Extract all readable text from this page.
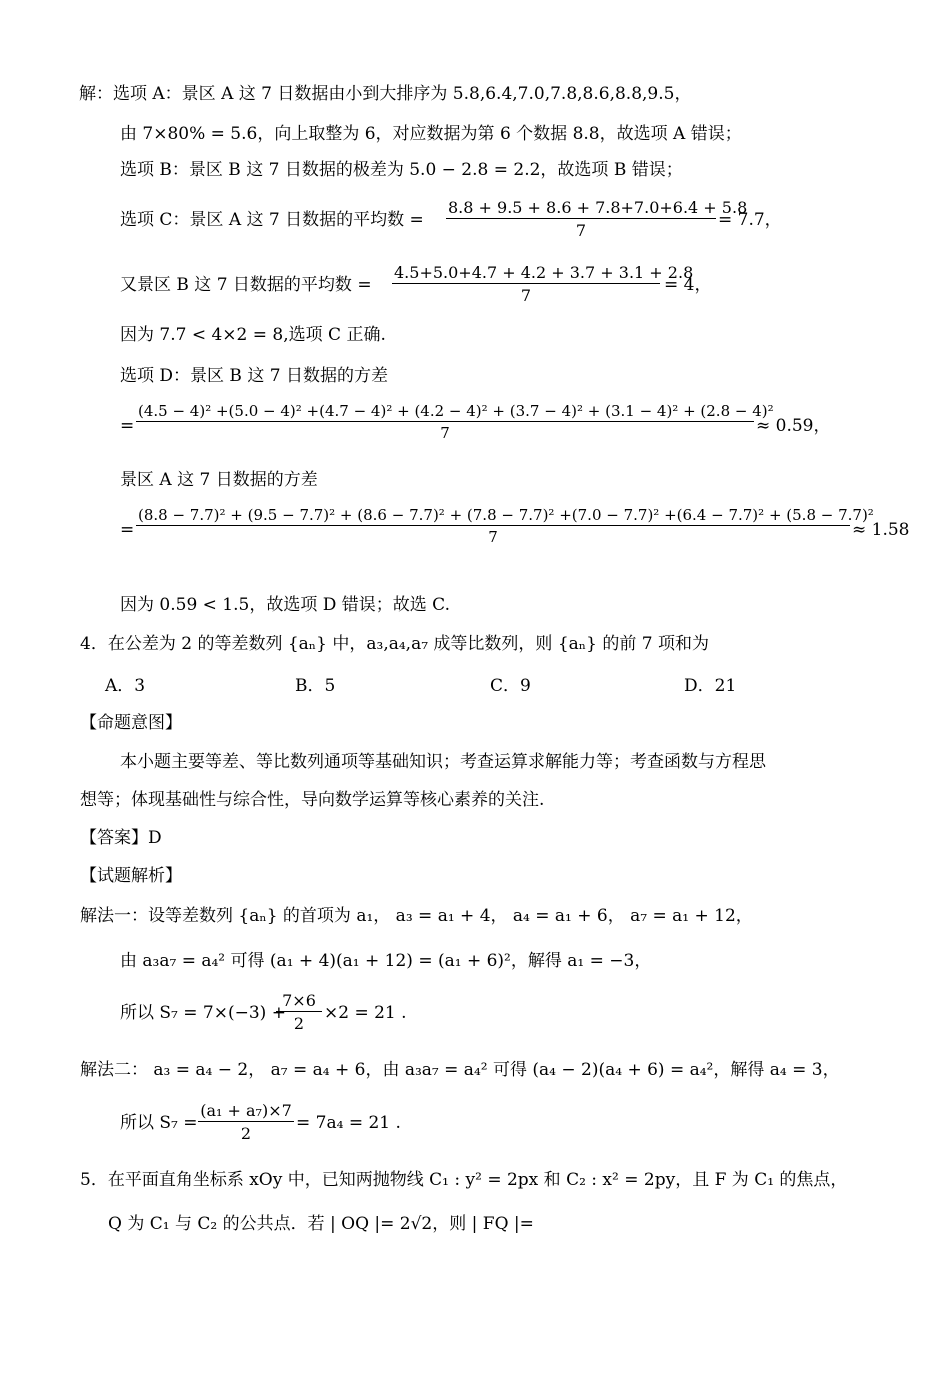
解：选项 A：景区 A 这 7 日数据由小到大排序为 5.8,6.4,7.0,7.8,8.6,8.8,9.5，
由 7×80% = 5.6，向上取整为 6，对应数据为第 6 个数据 8.8，故选项 A 错误；
选项 B：景区 B 这 7 日数据的极差为 5.0 − 2.8 = 2.2，故选项 B 错误；
选项 C：景区 A 这 7 日数据的平均数 = $\frac{8.8 + 9.5 + 8.6 + 7.8+7.0+6.4 + 5.8}{7} = 7.7$，
又景区 B 这 7 日数据的平均数 = $\frac{4.5+5.0+4.7 + 4.2 + 3.7 + 3.1 + 2.8}{7} = 4$，
因为 7.7 < 4×2 = 8,选项 C 正确.
选项 D：景区 B 这 7 日数据的方差
=
(4.5 − 4)² +(5.0 − 4)² +(4.7 − 4)² + (4.2 − 4)² + (3.7 − 4)² + (3.1 − 4)² + (2.8 − 4)²
7	≈ 0.59，
景区 A 这 7 日数据的方差
=
(8.8 − 7.7)² + (9.5 − 7.7)² + (8.6 − 7.7)² + (7.8 − 7.7)² +(7.0 − 7.7)² +(6.4 − 7.7)² + (5.8 − 7.7)²
7	≈ 1.58
因为 0.59 < 1.5，故选项 D 错误；故选 C.
4．在公差为 2 的等差数列 {aₙ} 中，a₃,a₄,a₇ 成等比数列，则 {aₙ} 的前 7 项和为
A．3	B．5	C．9	D．21
【命题意图】
本小题主要等差、等比数列通项等基础知识；考查运算求解能力等；考查函数与方程思
想等；体现基础性与综合性，导向数学运算等核心素养的关注.
【答案】D
【试题解析】
解法一：设等差数列 {aₙ} 的首项为 a₁， a₃ = a₁ + 4， a₄ = a₁ + 6， a₇ = a₁ + 12，
由 a₃a₇ = a₄² 可得 (a₁ + 4)(a₁ + 12) = (a₁ + 6)²，解得 a₁ = −3，
所以 S₇ = 7×(−3) +
$\frac{7\times 6}{2} \times 2 = 21$ .
解法二： a₃ = a₄ − 2， a₇ = a₄ + 6，由 a₃a₇ = a₄² 可得 (a₄ − 2)(a₄ + 6) = a₄²，解得 a₄ = 3，
所以 $S_7 = \frac{\text{(a₁ + a₇)×7}}{2} = 7a_4 = 21$ .
5．在平面直角坐标系 xOy 中，已知两抛物线 C₁ : y² = 2px 和 C₂ : x² = 2py，且 F 为 C₁ 的焦点，
Q 为 C₁ 与 C₂ 的公共点．若 | OQ |= 2√2，则 | FQ |=
